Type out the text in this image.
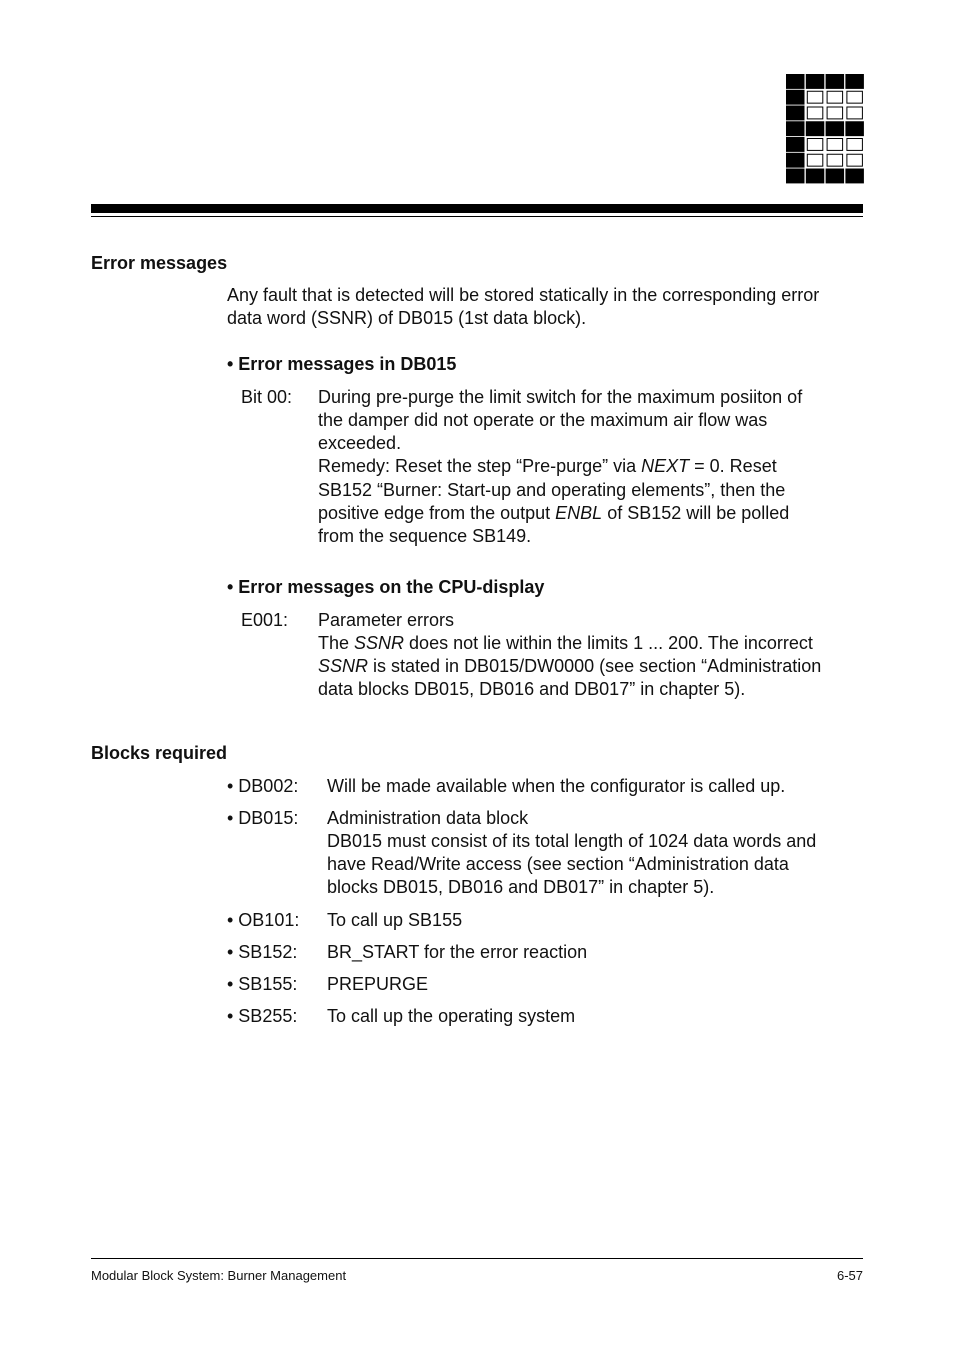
Error messages
Any fault that is detected will be stored statically in the corresponding error
data word (SSNR) of DB015 (1st data block).
• Error messages in DB015
Bit 00: During pre-purge the limit switch for the maximum posiiton of
the damper did not operate or the maximum air flow was
exceeded.
Remedy: Reset the step “Pre-purge” via NEXT = 0. Reset
SB152 “Burner: Start-up and operating elements”, then the
positive edge from the output ENBL of SB152 will be polled
from the sequence SB149.
• Error messages on the CPU-display
E001: Parameter errors
The SSNR does not lie within the limits 1 ... 200. The incorrect
SSNR is stated in DB015/DW0000 (see section “Administration
data blocks DB015, DB016 and DB017” in chapter 5).
Blocks required
• DB002: Will be made available when the configurator is called up.
• DB015: Administration data block
DB015 must consist of its total length of 1024 data words and
have Read/Write access (see section “Administration data
blocks DB015, DB016 and DB017” in chapter 5).
• OB101: To call up SB155
• SB152: BR_START for the error reaction
• SB155: PREPURGE
• SB255: To call up the operating system
Modular Block System: Burner Management	6-57
